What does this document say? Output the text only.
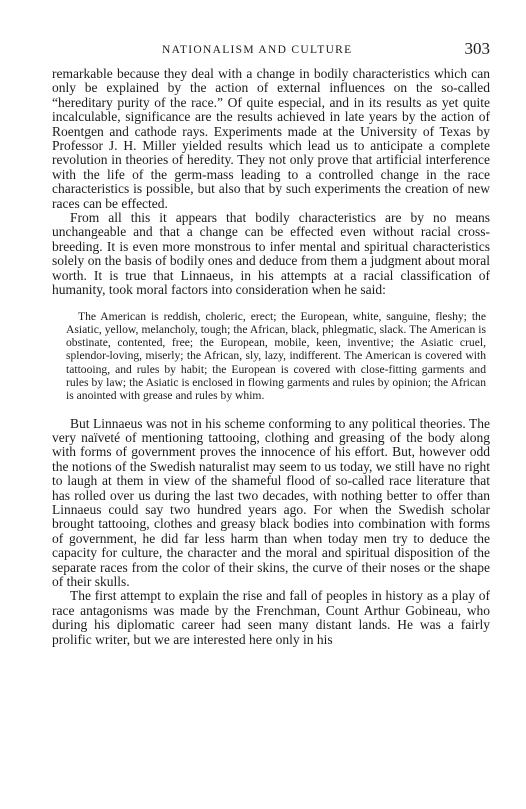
NATIONALISM AND CULTURE	303

remarkable because they deal with a change in bodily characteristics which can only be explained by the action of external influences on the so-called “hereditary purity of the race.” Of quite especial, and in its results as yet quite incalculable, significance are the results achieved in late years by the action of Roentgen and cathode rays. Experiments made at the University of Texas by Professor J. H. Miller yielded results which lead us to anticipate a complete revolution in theories of heredity. They not only prove that artificial interference with the life of the germ-mass leading to a controlled change in the race characteristics is possible, but also that by such experiments the creation of new races can be effected.

From all this it appears that bodily characteristics are by no means unchangeable and that a change can be effected even without racial cross-breeding. It is even more monstrous to infer mental and spiritual characteristics solely on the basis of bodily ones and deduce from them a judgment about moral worth. It is true that Linnaeus, in his attempts at a racial classification of humanity, took moral factors into consideration when he said:

The American is reddish, choleric, erect; the European, white, sanguine, fleshy; the Asiatic, yellow, melancholy, tough; the African, black, phlegmatic, slack. The American is obstinate, contented, free; the European, mobile, keen, inventive; the Asiatic cruel, splendor-loving, miserly; the African, sly, lazy, indifferent. The American is covered with tattooing, and rules by habit; the European is covered with close-fitting garments and rules by law; the Asiatic is enclosed in flowing garments and rules by opinion; the African is anointed with grease and rules by whim.

But Linnaeus was not in his scheme conforming to any political theories. The very naïveté of mentioning tattooing, clothing and greasing of the body along with forms of government proves the innocence of his effort. But, however odd the notions of the Swedish naturalist may seem to us today, we still have no right to laugh at them in view of the shameful flood of so-called race literature that has rolled over us during the last two decades, with nothing better to offer than Linnaeus could say two hundred years ago. For when the Swedish scholar brought tattooing, clothes and greasy black bodies into combination with forms of government, he did far less harm than when today men try to deduce the capacity for culture, the character and the moral and spiritual disposition of the separate races from the color of their skins, the curve of their noses or the shape of their skulls.

The first attempt to explain the rise and fall of peoples in history as a play of race antagonisms was made by the Frenchman, Count Arthur Gobineau, who during his diplomatic career had seen many distant lands. He was a fairly prolific writer, but we are interested here only in his
